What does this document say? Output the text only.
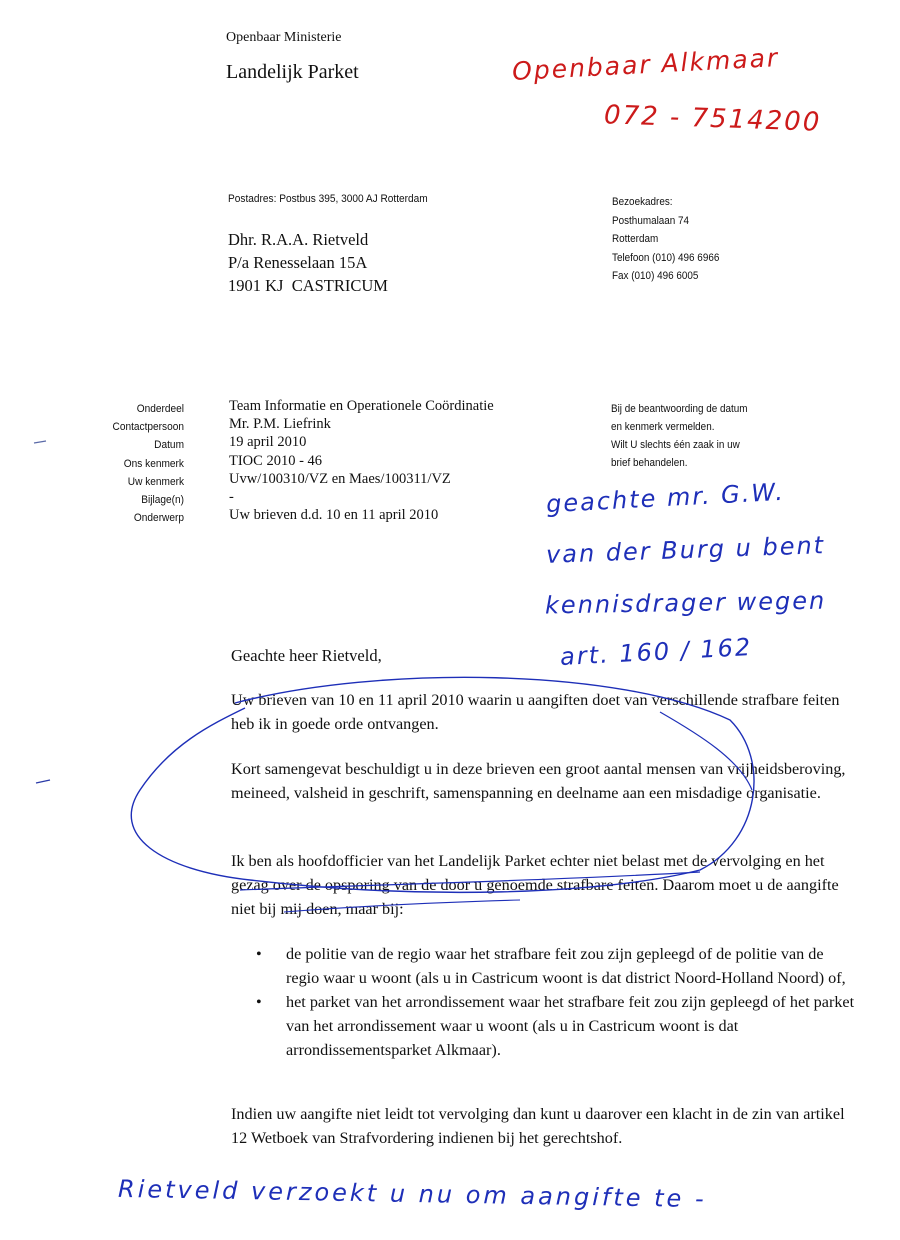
Openbaar Ministerie
Landelijk Parket
Postadres: Postbus 395, 3000 AJ Rotterdam
Dhr. R.A.A. Rietveld
P/a Renesselaan 15A
1901 KJ  CASTRICUM
Bezoekadres:
Posthumalaan 74
Rotterdam
Telefoon (010) 496 6966
Fax (010) 496 6005
Onderdeel
Contactpersoon
Datum
Ons kenmerk
Uw kenmerk
Bijlage(n)
Onderwerp
Team Informatie en Operationele Coördinatie
Mr. P.M. Liefrink
19 april 2010
TIOC 2010 - 46
Uvw/100310/VZ en Maes/100311/VZ
-
Uw brieven d.d. 10 en 11 april 2010
Bij de beantwoording de datum
en kenmerk vermelden.
Wilt U slechts één zaak in uw
brief behandelen.
Geachte heer Rietveld,
Uw brieven van 10 en 11 april 2010 waarin u aangiften doet van verschillende strafbare feiten heb ik in goede orde ontvangen.
Kort samengevat beschuldigt u in deze brieven een groot aantal mensen van vrijheidsberoving, meineed, valsheid in geschrift, samenspanning en deelname aan een misdadige organisatie.
Ik ben als hoofdofficier van het Landelijk Parket echter niet belast met de vervolging en het gezag over de opsporing van de door u genoemde strafbare feiten. Daarom moet u de aangifte niet bij mij doen, maar bij:
• de politie van de regio waar het strafbare feit zou zijn gepleegd of de politie van de regio waar u woont (als u in Castricum woont is dat district Noord-Holland Noord) of,
• het parket van het arrondissement waar het strafbare feit zou zijn gepleegd of het parket van het arrondissement waar u woont (als u in Castricum woont is dat arrondissementsparket Alkmaar).
Indien uw aangifte niet leidt tot vervolging dan kunt u daarover een klacht in de zin van artikel 12 Wetboek van Strafvordering indienen bij het gerechtshof.
Openbaar Alkmaar
072 - 7514200
geachte mr. G.W.
van der Burg u bent
kennisdrager wegen
art. 160 / 162
Rietveld verzoekt u nu om aangifte te -
